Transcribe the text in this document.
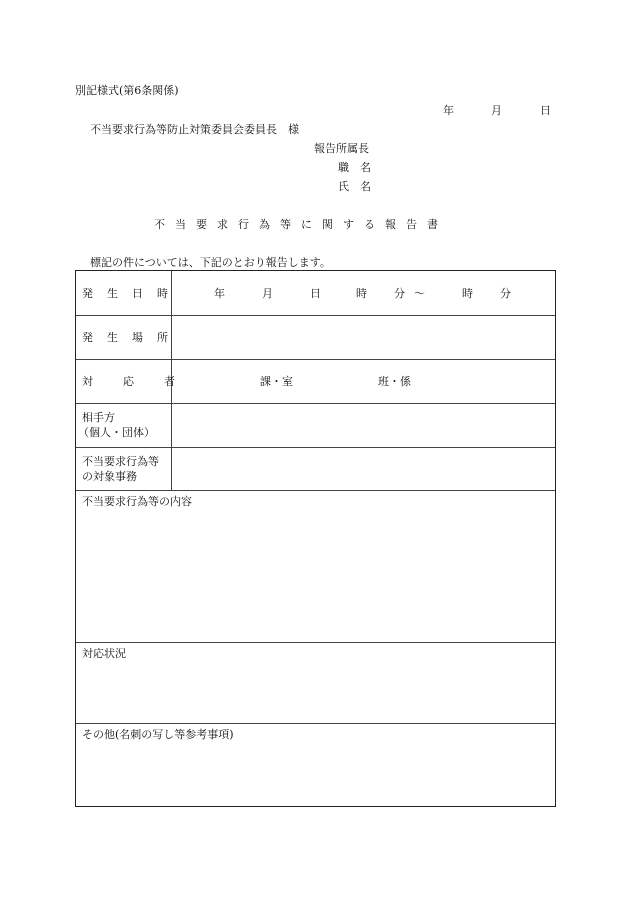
別記様式(第6条関係)
年	月	日
不当要求行為等防止対策委員会委員長　様
報告所属長
職　名
氏　名
不当要求行為等に関する報告書
標記の件については、下記のとおり報告します。
発生日時	年	月	日	時 分 ～	時 分
発生場所
対応者	課・室	班・係
相手方
（個人・団体）
不当要求行為等
の対象事務
不当要求行為等の内容
対応状況
その他(名刺の写し等参考事項)
